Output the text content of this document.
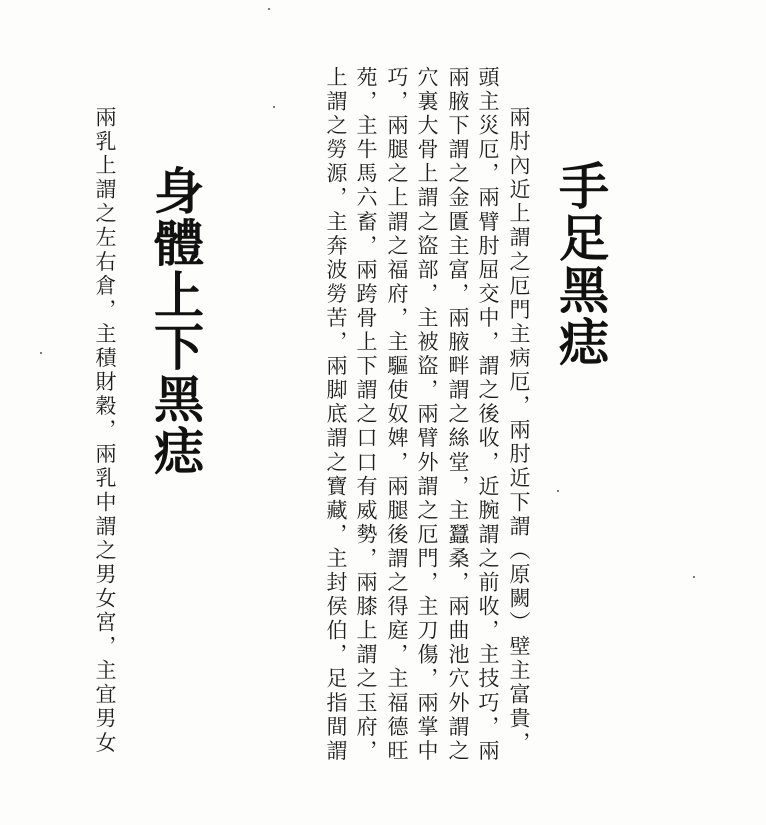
手足黑痣
兩肘內近上謂之厄門主病厄，兩肘近下謂（原闕）壁主富貴，
頭主災厄，兩臂肘屈交中，謂之後收，近腕謂之前收，主技巧，兩
兩腋下謂之金匱主富，兩腋畔謂之絲堂，主蠶桑，兩曲池穴外謂之
穴裏大骨上謂之盜部，主被盜，兩臂外謂之厄門，主刀傷，兩掌中
巧，兩腿之上謂之福府，主驅使奴婢，兩腿後謂之得庭，主福德旺
苑，主牛馬六畜，兩跨骨上下謂之口口有威勢，兩膝上謂之玉府，
上謂之勞源，主奔波勞苦，兩脚底謂之寶藏，主封侯伯，足指間謂
身體上下黑痣
兩乳上謂之左右倉，主積財穀，兩乳中謂之男女宮，主宜男女
